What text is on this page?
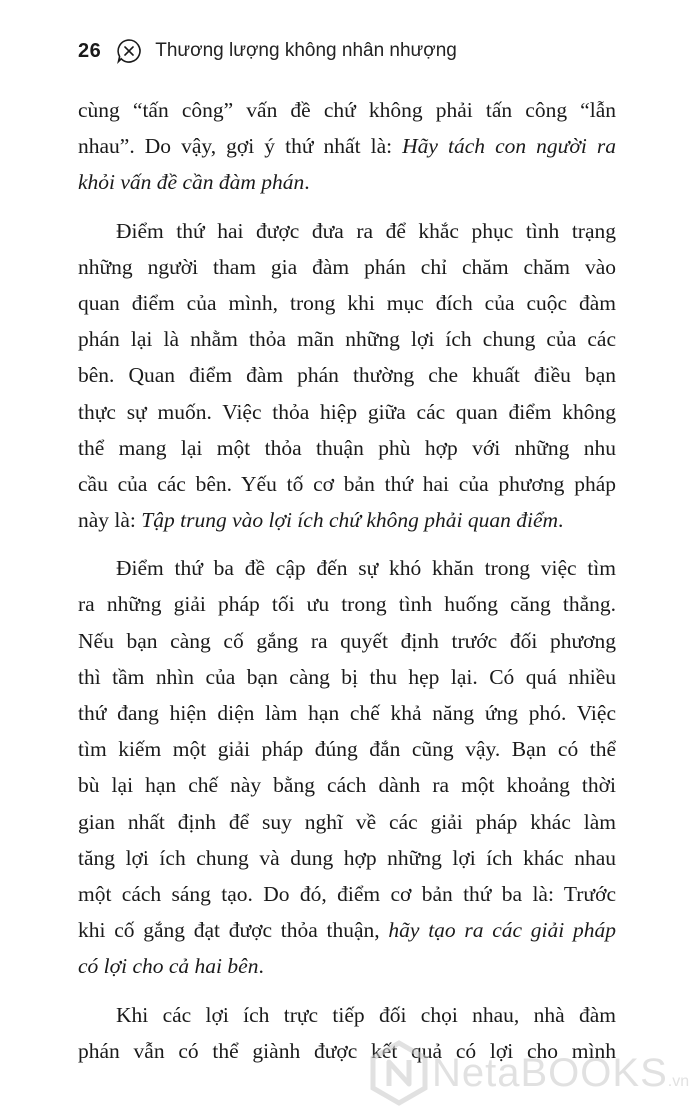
26	Thương lượng không nhân nhượng
cùng “tấn công” vấn đề chứ không phải tấn công “lẫn
nhau”. Do vậy, gợi ý thứ nhất là: Hãy tách con người ra
khỏi vấn đề cần đàm phán.
Điểm thứ hai được đưa ra để khắc phục tình trạng
những người tham gia đàm phán chỉ chăm chăm vào
quan điểm của mình, trong khi mục đích của cuộc đàm
phán lại là nhằm thỏa mãn những lợi ích chung của các
bên. Quan điểm đàm phán thường che khuất điều bạn
thực sự muốn. Việc thỏa hiệp giữa các quan điểm không
thể mang lại một thỏa thuận phù hợp với những nhu
cầu của các bên. Yếu tố cơ bản thứ hai của phương pháp
này là: Tập trung vào lợi ích chứ không phải quan điểm.
Điểm thứ ba đề cập đến sự khó khăn trong việc tìm
ra những giải pháp tối ưu trong tình huống căng thẳng.
Nếu bạn càng cố gắng ra quyết định trước đối phương
thì tầm nhìn của bạn càng bị thu hẹp lại. Có quá nhiều
thứ đang hiện diện làm hạn chế khả năng ứng phó. Việc
tìm kiếm một giải pháp đúng đắn cũng vậy. Bạn có thể
bù lại hạn chế này bằng cách dành ra một khoảng thời
gian nhất định để suy nghĩ về các giải pháp khác làm
tăng lợi ích chung và dung hợp những lợi ích khác nhau
một cách sáng tạo. Do đó, điểm cơ bản thứ ba là: Trước
khi cố gắng đạt được thỏa thuận, hãy tạo ra các giải pháp
có lợi cho cả hai bên.
Khi các lợi ích trực tiếp đối chọi nhau, nhà đàm
phán vẫn có thể giành được kết quả có lợi cho mình
NetaBOOKS .vn
